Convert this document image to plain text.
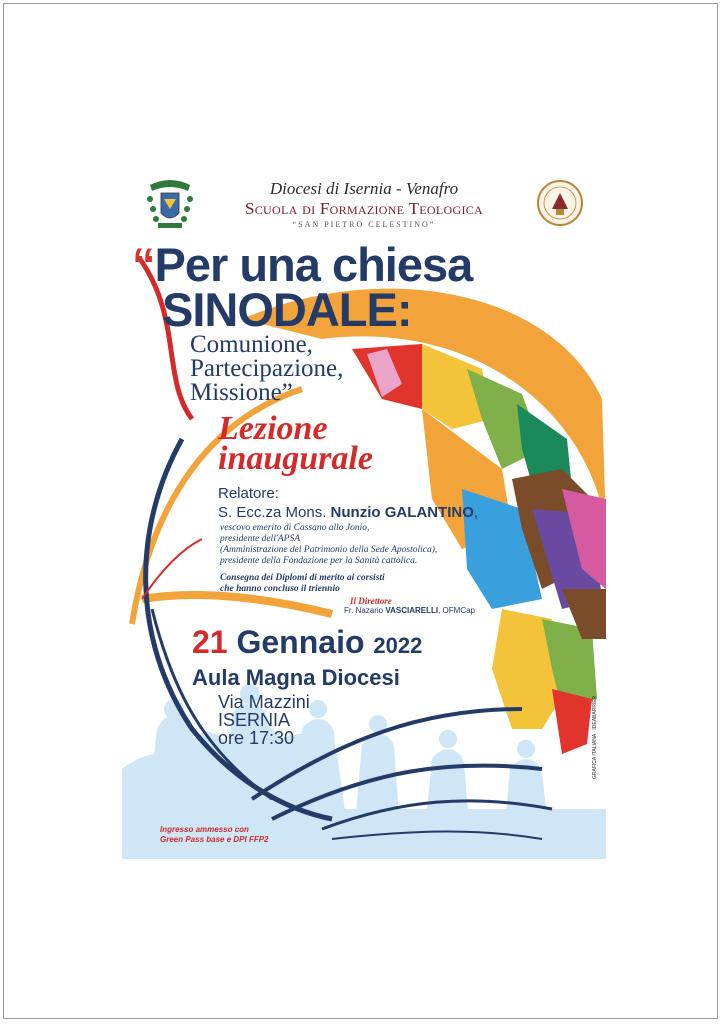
Diocesi di Isernia - Venafro
Scuola di Formazione Teologica
“SAN PIETRO CELESTINO”
“Per una chiesa
SINODALE:
Comunione,
Partecipazione,
Missione”
Lezione
inaugurale
Relatore:
S. Ecc.za Mons. Nunzio GALANTINO,
vescovo emerito di Cassano allo Jonio,
presidente dell'APSA
(Amministrazione del Patrimonio della Sede Apostolica),
presidente della Fondazione per la Sanità cattolica.
Consegna dei Diplomi di merito ai corsisti
che hanno concluso il triennio
Il Direttore
Fr. Nazario VASCIARELLI, OFMCap
21 Gennaio 2022
Aula Magna Diocesi
Via Mazzini
ISERNIA
ore 17:30
Ingresso ammesso con
Green Pass base e DPI FFP2
GRAFICA ITALIANA · IDEABARRIER
